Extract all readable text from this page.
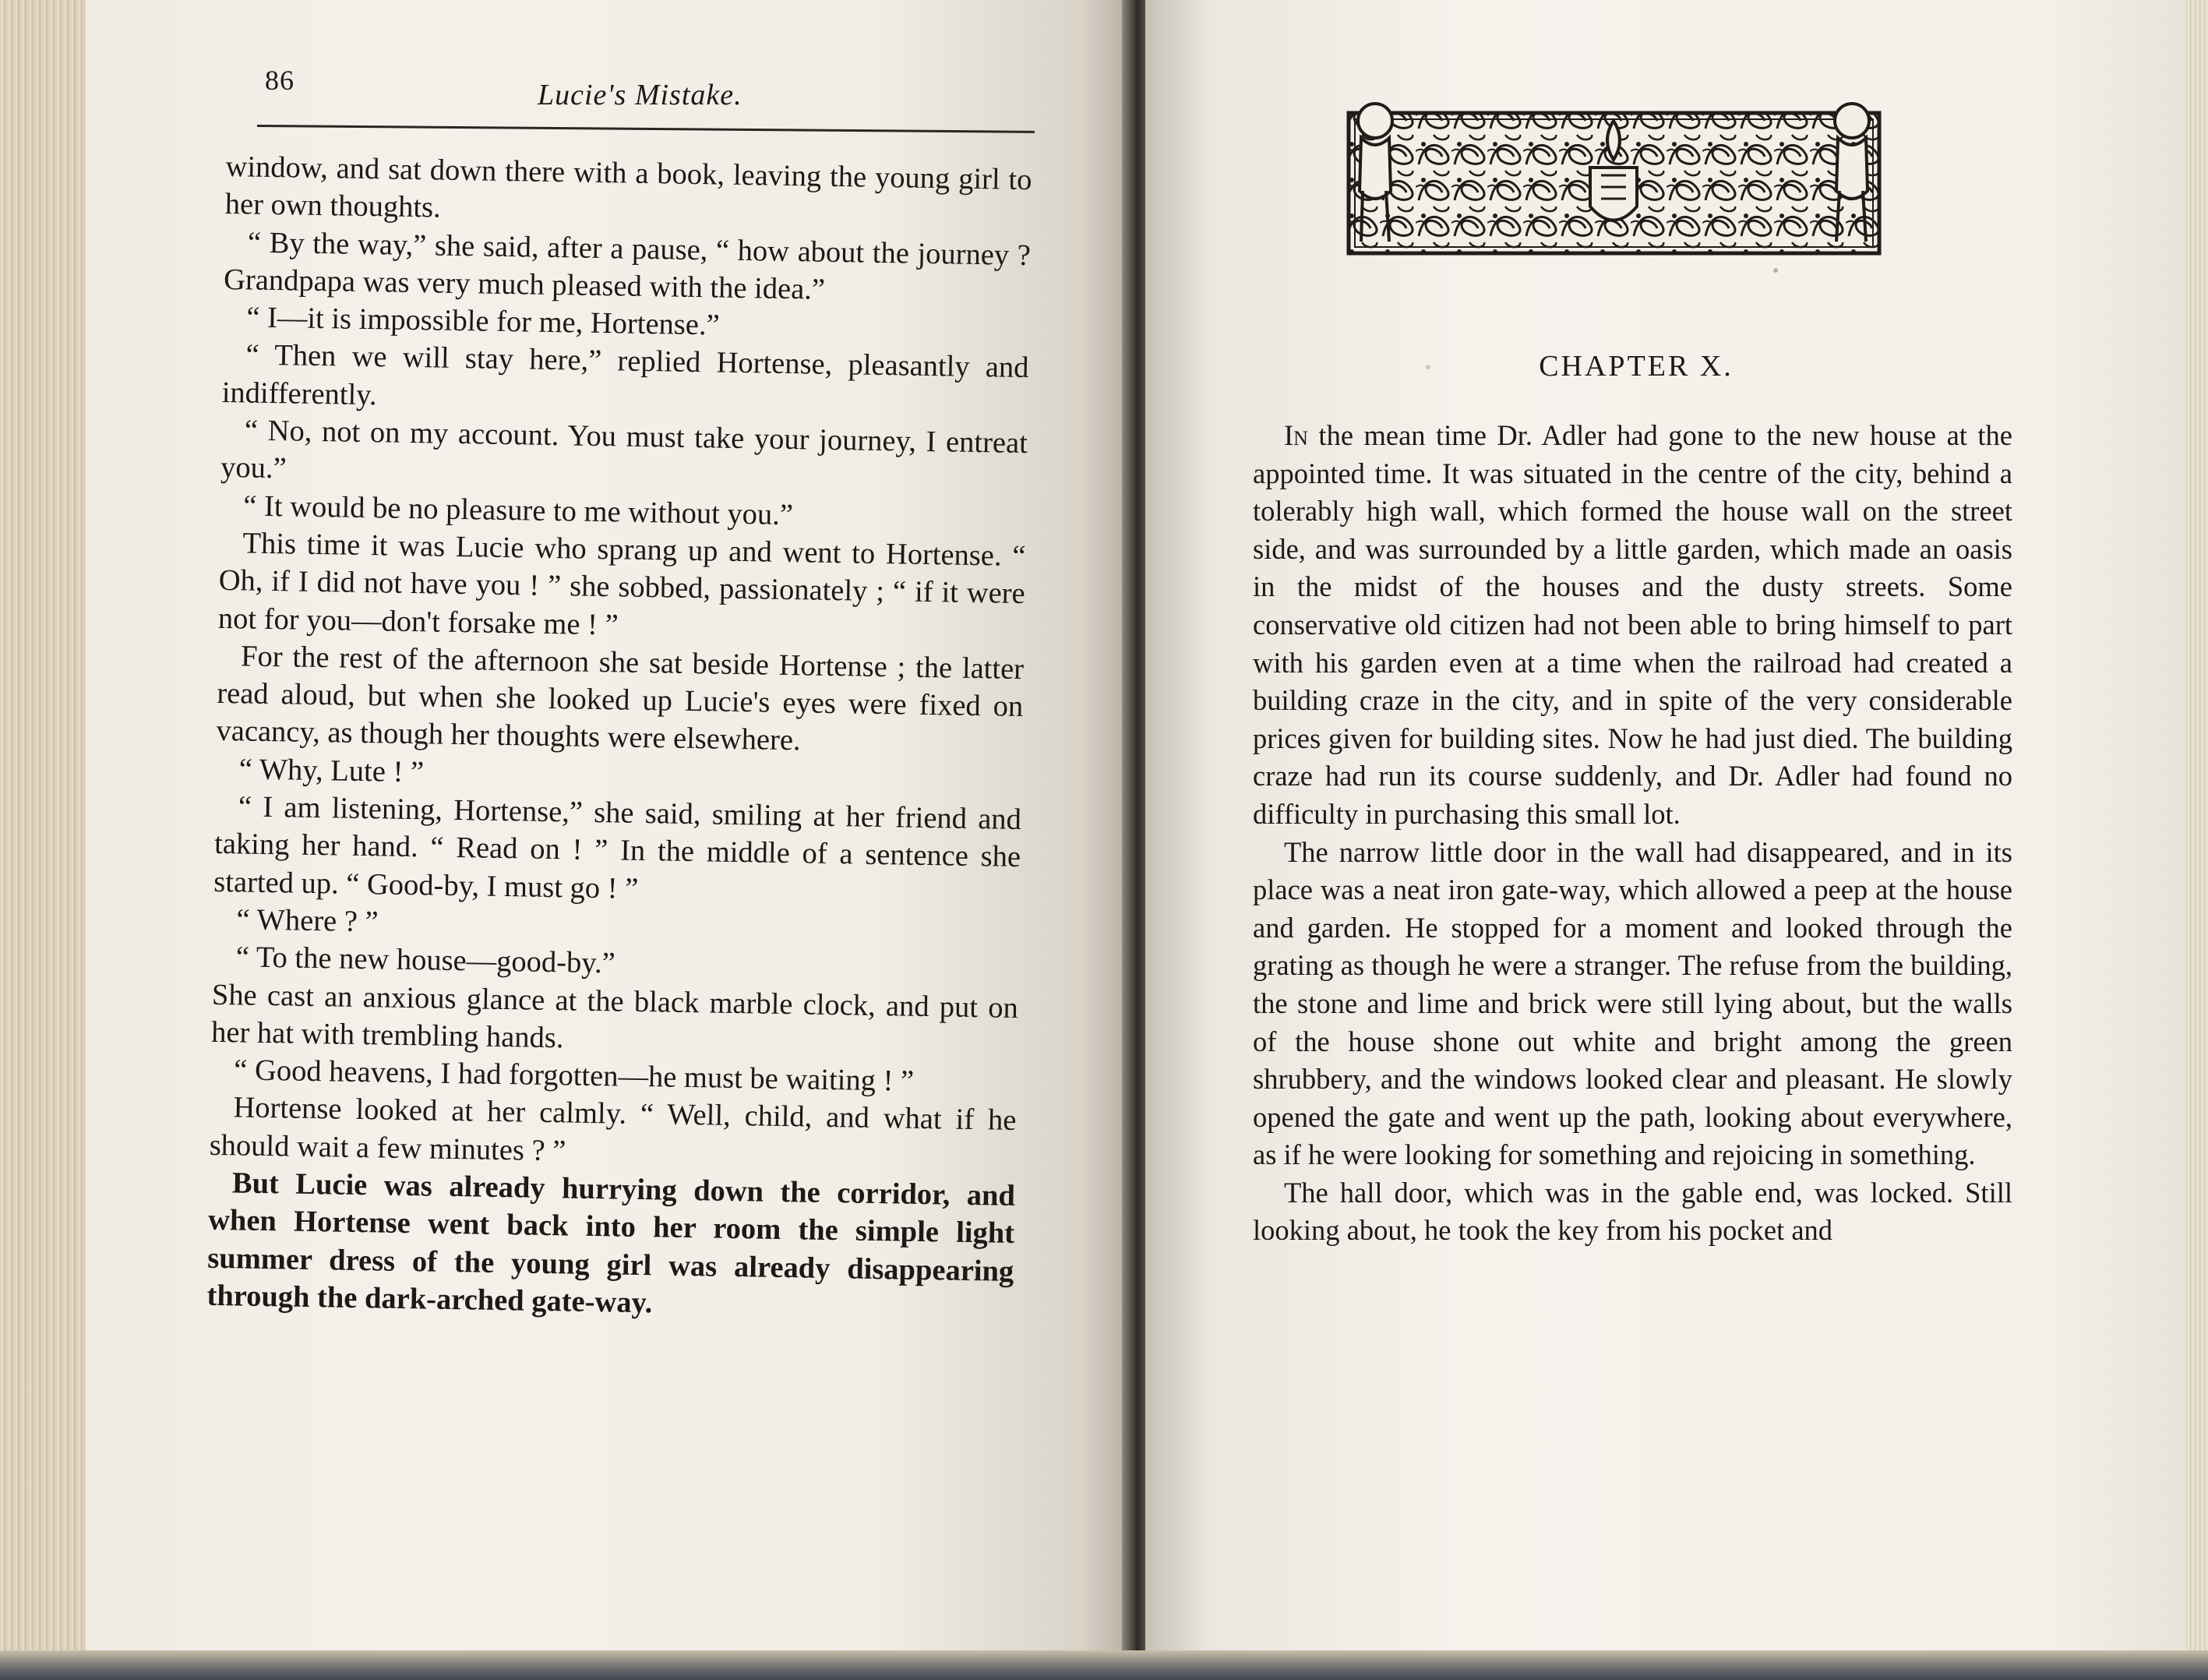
86	Lucie's Mistake.

window, and sat down there with a book, leaving the young girl to her own thoughts.

“ By the way,” she said, after a pause, “ how about the journey ? Grandpapa was very much pleased with the idea.”

“ I—it is impossible for me, Hortense.”

“ Then we will stay here,” replied Hortense, pleasantly and indifferently.

“ No, not on my account. You must take your journey, I entreat you.”

“ It would be no pleasure to me without you.”

This time it was Lucie who sprang up and went to Hortense. “ Oh, if I did not have you ! ” she sobbed, passionately ; “ if it were not for you—don't forsake me ! ”

For the rest of the afternoon she sat beside Hortense ; the latter read aloud, but when she looked up Lucie's eyes were fixed on vacancy, as though her thoughts were elsewhere.

“ Why, Lute ! ”

“ I am listening, Hortense,” she said, smiling at her friend and taking her hand. “ Read on ! ” In the middle of a sentence she started up. “ Good-by, I must go ! ”

“ Where ? ”

“ To the new house—good-by.”

She cast an anxious glance at the black marble clock, and put on her hat with trembling hands.

“ Good heavens, I had forgotten—he must be waiting ! ”

Hortense looked at her calmly. “ Well, child, and what if he should wait a few minutes ? ”

But Lucie was already hurrying down the corridor, and when Hortense went back into her room the simple light summer dress of the young girl was already disappearing through the dark-arched gate-way.

CHAPTER X.

In the mean time Dr. Adler had gone to the new house at the appointed time. It was situated in the centre of the city, behind a tolerably high wall, which formed the house wall on the street side, and was surrounded by a little garden, which made an oasis in the midst of the houses and the dusty streets. Some conservative old citizen had not been able to bring himself to part with his garden even at a time when the railroad had created a building craze in the city, and in spite of the very considerable prices given for building sites. Now he had just died. The building craze had run its course suddenly, and Dr. Adler had found no difficulty in purchasing this small lot.

The narrow little door in the wall had disappeared, and in its place was a neat iron gate-way, which allowed a peep at the house and garden. He stopped for a moment and looked through the grating as though he were a stranger. The refuse from the building, the stone and lime and brick were still lying about, but the walls of the house shone out white and bright among the green shrubbery, and the windows looked clear and pleasant. He slowly opened the gate and went up the path, looking about everywhere, as if he were looking for something and rejoicing in something.

The hall door, which was in the gable end, was locked. Still looking about, he took the key from his pocket and
